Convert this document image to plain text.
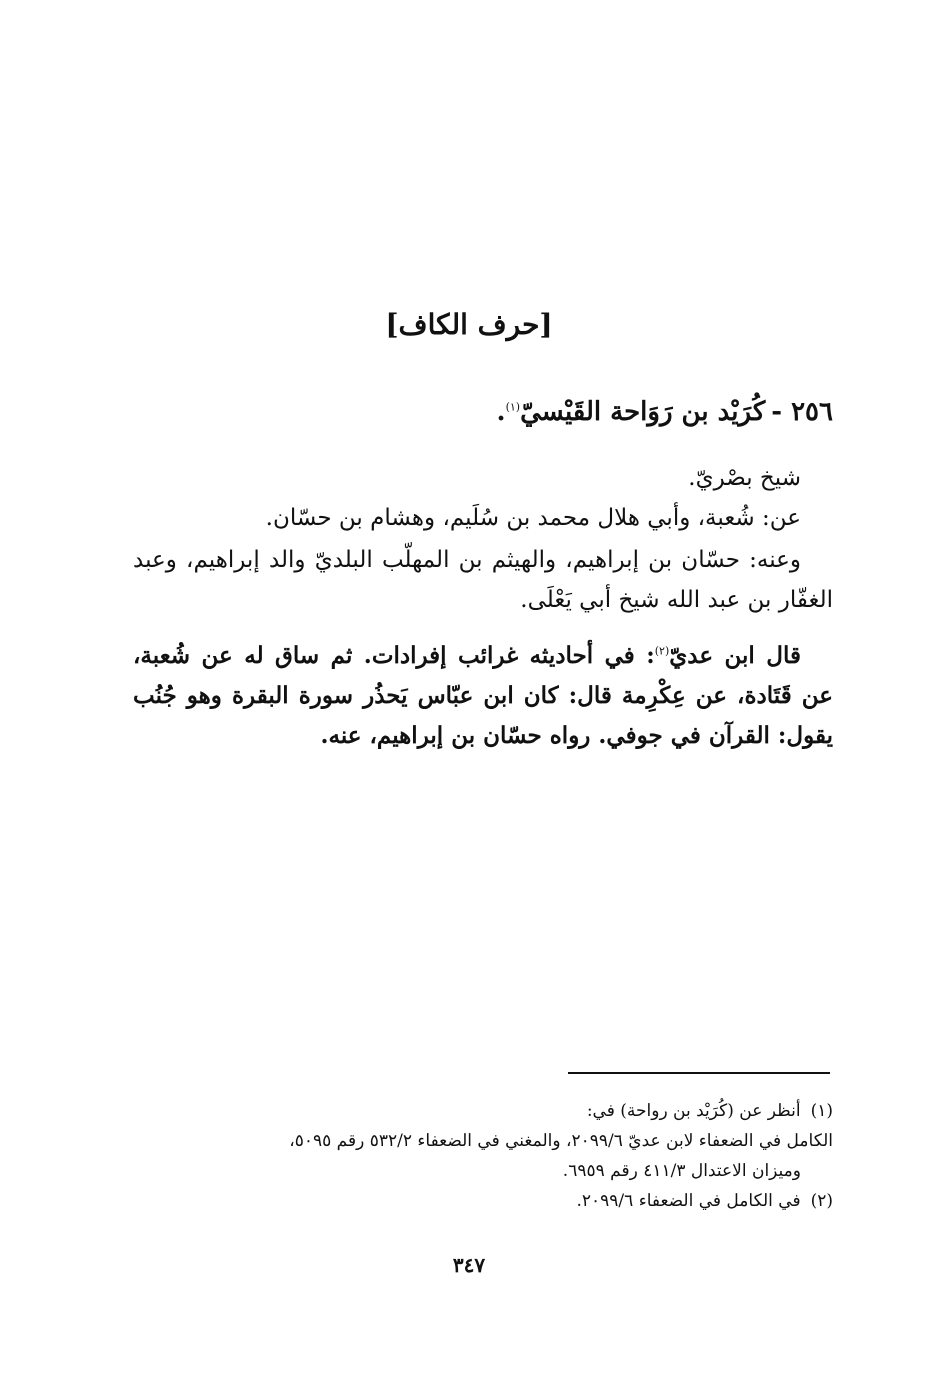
[حرف الكاف]
٢٥٦ -كُرَيْد بن رَوَاحة القَيْسيّ$^{(١)}$.

شيخ بصْريّ.

عن: شُعبة، وأبي هلال محمد بن سُلَيم، وهشام بن حسّان.

وعنه: حسّان بن إبراهيم، والهيثم بن المهلّب البلديّ والد إبراهيم، وعبد الغفّار بن عبد الله شيخ أبي يَعْلَى.

قال ابن عديّ$^{(٢)}$: في أحاديثه غرائب إفرادات. ثم ساق له عن شُعبة، عن قَتَادة، عن عِكْرِمة قال: كان ابن عبّاس يَحذُر سورة البقرة وهو جُنُب يقول: القرآن في جوفي. رواه حسّان بن إبراهيم، عنه.

(١)أنظر عن (كُرَيْد بن رواحة) في:

الكامل في الضعفاء لابن عديّ ٢٠٩٩/٦، والمغني في الضعفاء ٥٣٢/٢ رقم ٥٠٩٥،

وميزان الاعتدال ٤١١/٣ رقم ٦٩٥٩.

(٢)في الكامل في الضعفاء ٢٠٩٩/٦.

٣٤٧
